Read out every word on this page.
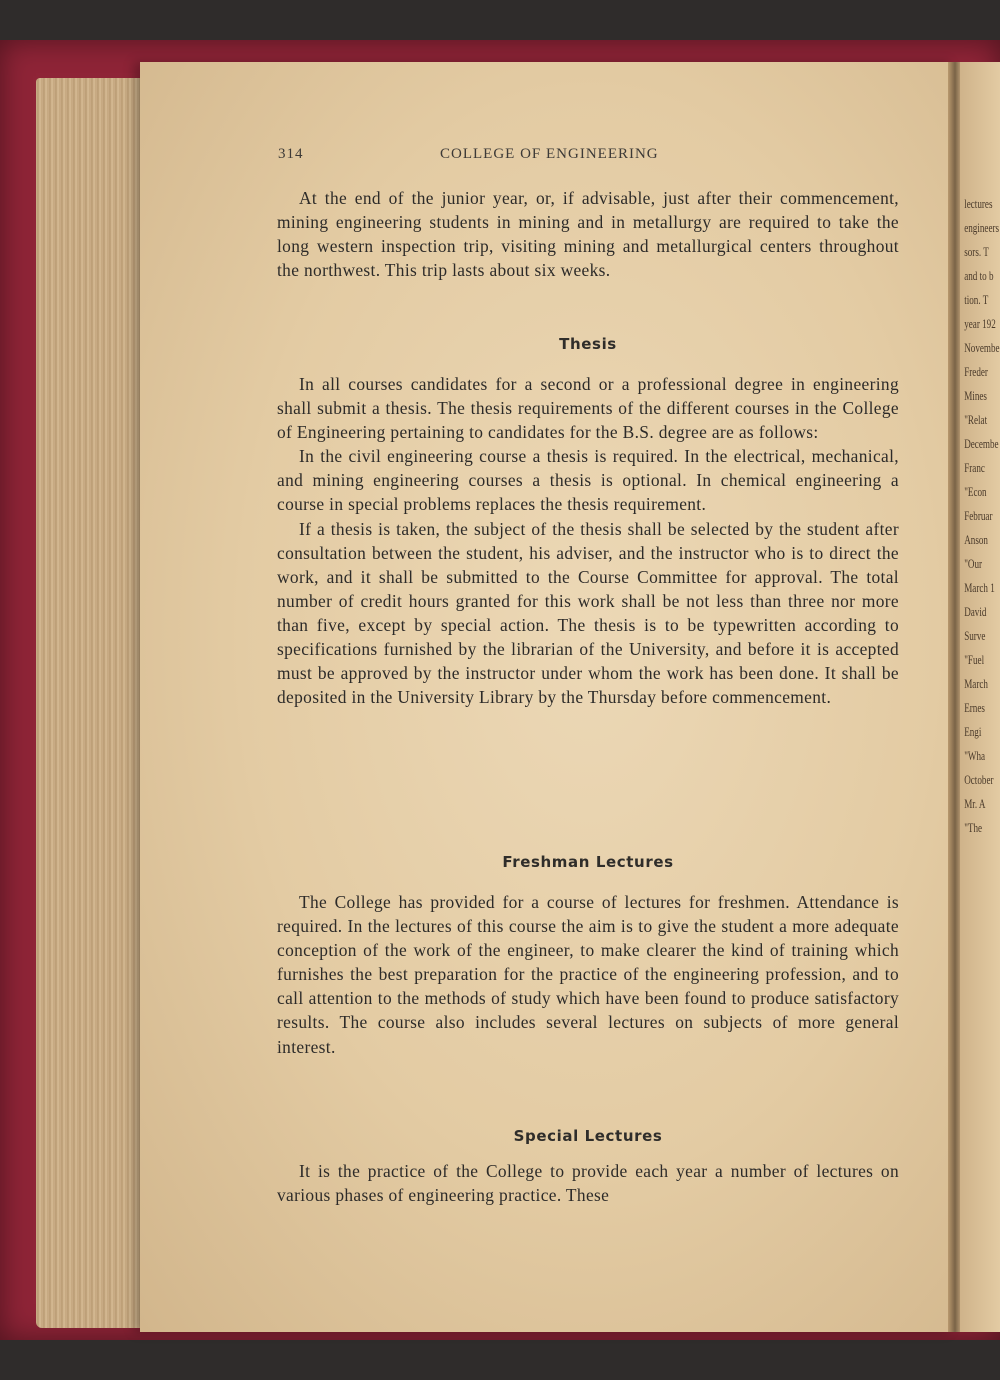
lectures
engineers
sors. T
and to b
tion. T
year 192
Novembe
Freder
Mines
"Relat
Decembe
Franc
"Econ
Februar
Anson
"Our
March 1
David
Surve
"Fuel
March
Ernes
Engi
"Wha
October
Mr. A
"The
314	COLLEGE OF ENGINEERING

At the end of the junior year, or, if advisable, just after their commencement, mining engineering students in mining and in metallurgy are required to take the long western inspection trip, visiting mining and metallurgical centers throughout the northwest. This trip lasts about six weeks.

Thesis

In all courses candidates for a second or a professional degree in engineering shall submit a thesis. The thesis requirements of the different courses in the College of Engineering pertaining to candidates for the B.S. degree are as follows:

In the civil engineering course a thesis is required. In the electrical, mechanical, and mining engineering courses a thesis is optional. In chemical engineering a course in special problems replaces the thesis requirement.

If a thesis is taken, the subject of the thesis shall be selected by the student after consultation between the student, his adviser, and the instructor who is to direct the work, and it shall be submitted to the Course Committee for approval. The total number of credit hours granted for this work shall be not less than three nor more than five, except by special action. The thesis is to be typewritten according to specifications furnished by the librarian of the University, and before it is accepted must be approved by the instructor under whom the work has been done. It shall be deposited in the University Library by the Thursday before commencement.

Freshman Lectures

The College has provided for a course of lectures for freshmen. Attendance is required. In the lectures of this course the aim is to give the student a more adequate conception of the work of the engineer, to make clearer the kind of training which furnishes the best preparation for the practice of the engineering profession, and to call attention to the methods of study which have been found to produce satisfactory results. The course also includes several lectures on subjects of more general interest.

Special Lectures

It is the practice of the College to provide each year a number of lectures on various phases of engineering practice. These
